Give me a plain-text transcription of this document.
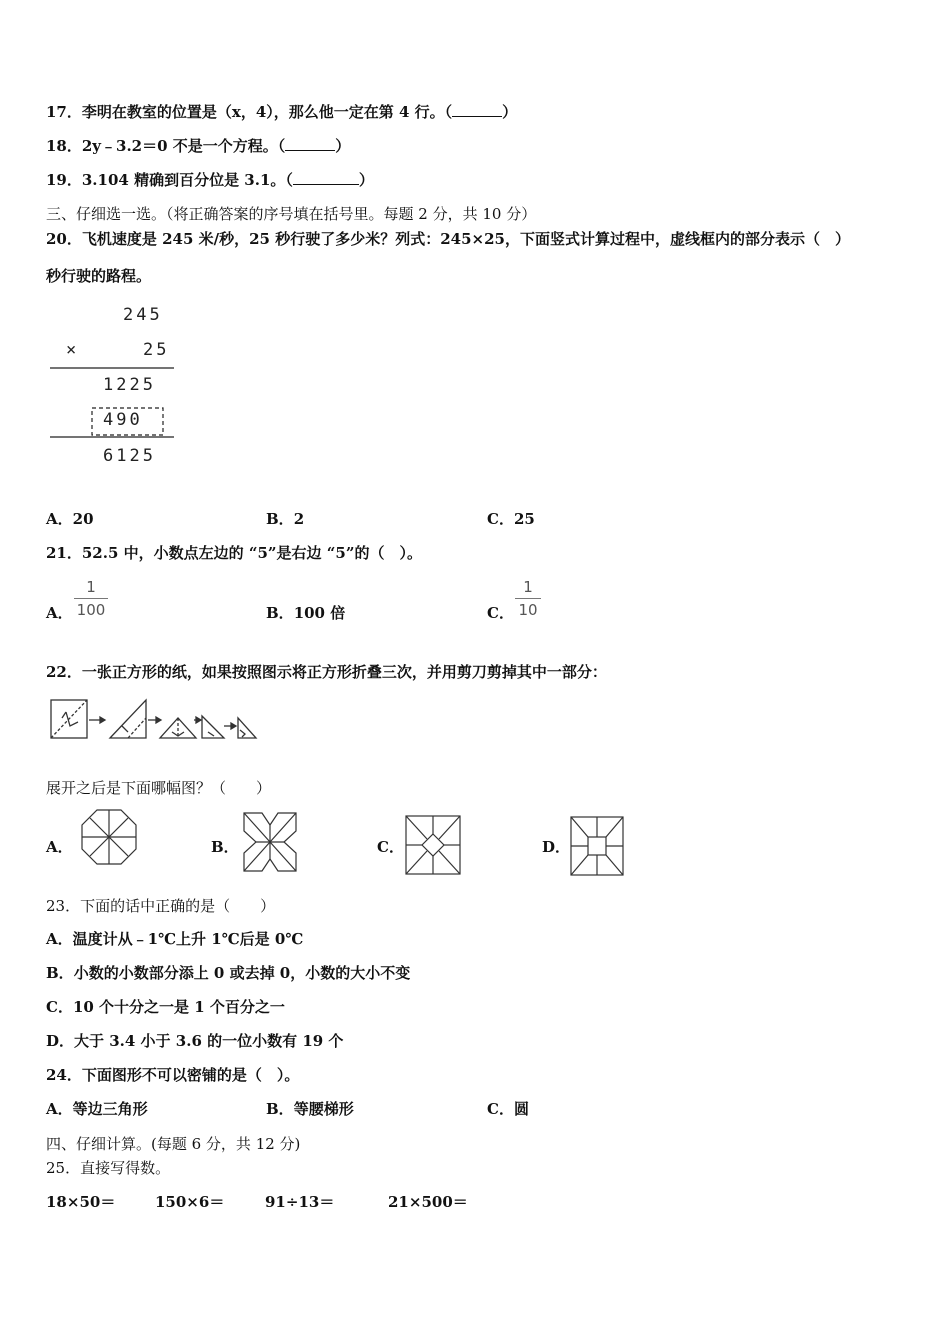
17．李明在教室的位置是（x，4），那么他一定在第 4 行。（	）
18．2y﹣3.2＝0 不是一个方程。（	）
19．3.104 精确到百分位是 3.1。（	）
三、仔细选一选。（将正确答案的序号填在括号里。每题 2 分，共 10 分）
20．飞机速度是 245 米/秒，25 秒行驶了多少米？列式：245×25，下面竖式计算过程中，虚线框内的部分表示（　）
秒行驶的路程。
245
×	25
1225
490
6125
A．20	B．2	C．25
21．52.5 中，小数点左边的 “5”是右边 “5”的（　）。
A．
1
100	B．100 倍	C．
1
10
22．一张正方形的纸，如果按照图示将正方形折叠三次，并用剪刀剪掉其中一部分：
展开之后是下面哪幅图？（　　）
A．	B．	C．	D．
23．下面的话中正确的是（　　）
A．温度计从﹣1℃上升 1℃后是 0℃
B．小数的小数部分添上 0 或去掉 0，小数的大小不变
C．10 个十分之一是 1 个百分之一
D．大于 3.4 小于 3.6 的一位小数有 19 个
24．下面图形不可以密铺的是（　）。
A．等边三角形	B．等腰梯形	C．圆
四、仔细计算。(每题 6 分，共 12 分)
25．直接写得数。
18×50＝	150×6＝	91÷13＝	21×500＝
